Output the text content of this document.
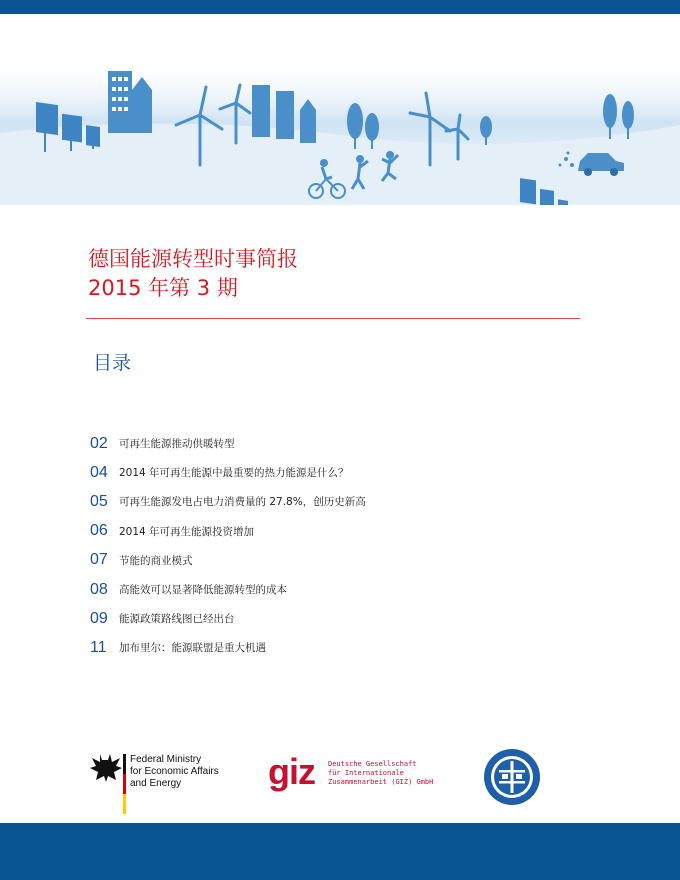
德国能源转型时事简报
2015 年第 3 期
目录
02	可再生能源推动供暖转型
04	2014 年可再生能源中最重要的热力能源是什么？
05	可再生能源发电占电力消费量的 27.8%，创历史新高
06	2014 年可再生能源投资增加
07	节能的商业模式
08	高能效可以显著降低能源转型的成本
09	能源政策路线图已经出台
11	加布里尔：能源联盟是重大机遇
Federal Ministry
for Economic Affairs
and Energy	giz Deutsche Gesellschaft
für Internationale
Zusammenarbeit (GIZ) GmbH
